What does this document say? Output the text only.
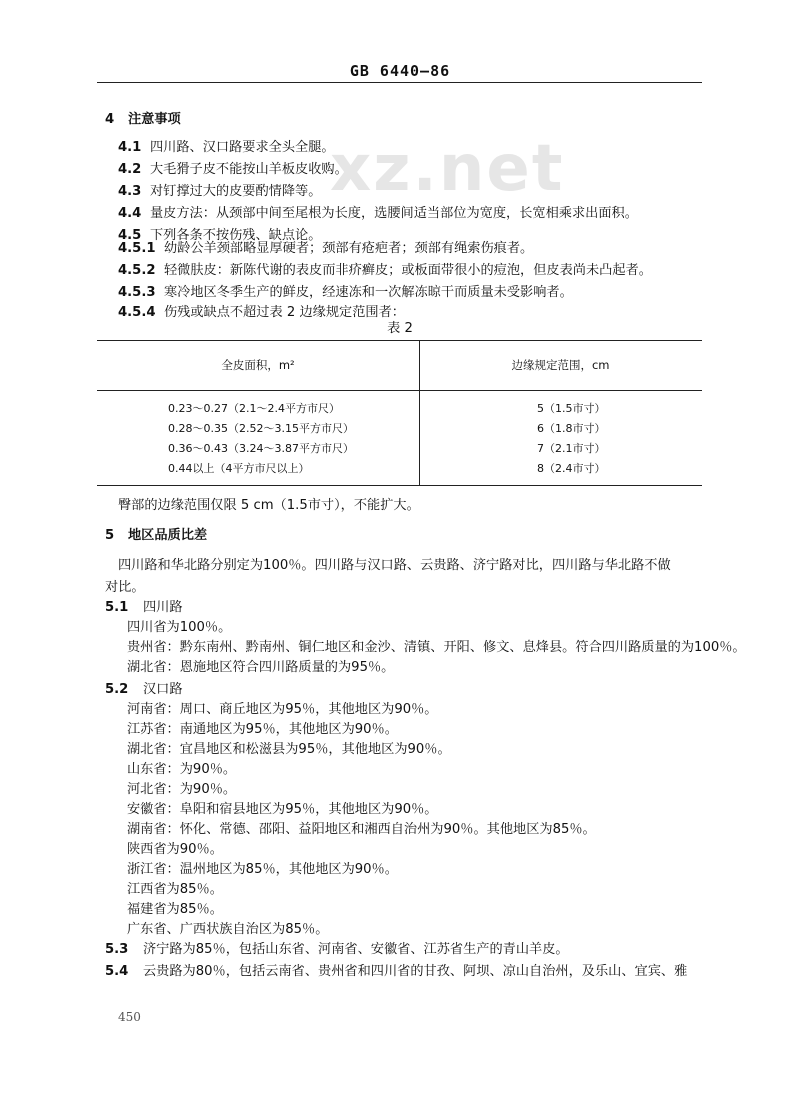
GB 6440—86
xz.net
4 注意事项
4.1 四川路、汉口路要求全头全腿。
4.2 大毛猾子皮不能按山羊板皮收购。
4.3 对钉撑过大的皮要酌情降等。
4.4 量皮方法：从颈部中间至尾根为长度，选腰间适当部位为宽度，长宽相乘求出面积。
4.5 下列各条不按伤残、缺点论。
4.5.1 幼龄公羊颈部略显厚硬者；颈部有疮疤者；颈部有绳索伤痕者。
4.5.2 轻微肤皮：新陈代谢的表皮而非疥癣皮；或板面带很小的痘泡，但皮表尚未凸起者。
4.5.3 寒冷地区冬季生产的鲜皮，经速冻和一次解冻晾干而质量未受影响者。
4.5.4 伤残或缺点不超过表 2 边缘规定范围者：
表 2
全皮面积，m²	边缘规定范围，cm
0.23～0.27（2.1～2.4平方市尺）	5（1.5市寸）
0.28～0.35（2.52～3.15平方市尺）	6（1.8市寸）
0.36～0.43（3.24～3.87平方市尺）	7（2.1市寸）
0.44以上（4平方市尺以上）	8（2.4市寸）
臀部的边缘范围仅限 5 cm（1.5市寸），不能扩大。
5 地区品质比差
四川路和华北路分别定为100％。四川路与汉口路、云贵路、济宁路对比，四川路与华北路不做
对比。
5.1 四川路
四川省为100％。
贵州省：黔东南州、黔南州、铜仁地区和金沙、清镇、开阳、修文、息烽县。符合四川路质量的为100％。
湖北省：恩施地区符合四川路质量的为95％。
5.2 汉口路
河南省：周口、商丘地区为95％，其他地区为90％。
江苏省：南通地区为95％，其他地区为90％。
湖北省：宜昌地区和松滋县为95％，其他地区为90％。
山东省：为90％。
河北省：为90％。
安徽省：阜阳和宿县地区为95％，其他地区为90％。
湖南省：怀化、常德、邵阳、益阳地区和湘西自治州为90％。其他地区为85％。
陕西省为90％。
浙江省：温州地区为85％，其他地区为90％。
江西省为85％。
福建省为85％。
广东省、广西状族自治区为85％。
5.3 济宁路为85％，包括山东省、河南省、安徽省、江苏省生产的青山羊皮。
5.4 云贵路为80％，包括云南省、贵州省和四川省的甘孜、阿坝、凉山自治州，及乐山、宜宾、雅
450
